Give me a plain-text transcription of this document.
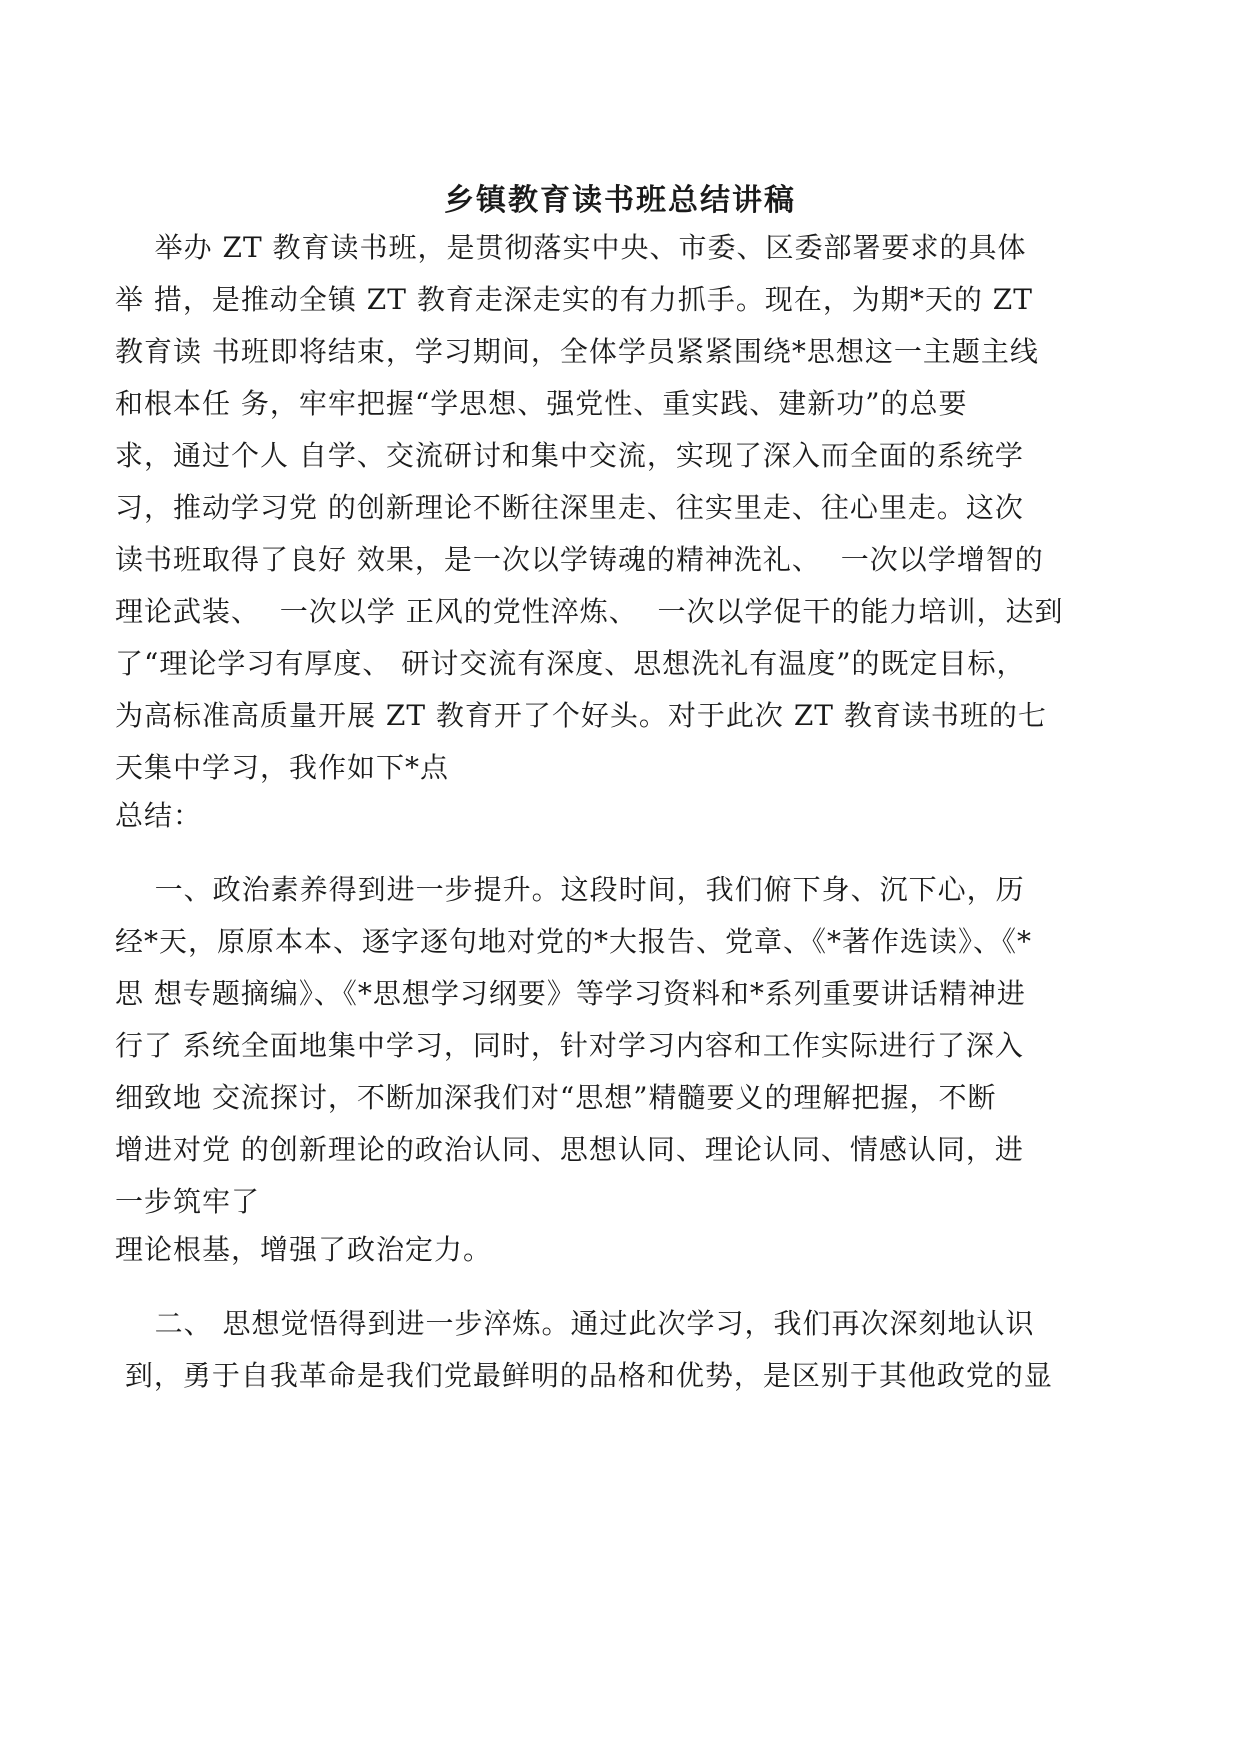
乡镇教育读书班总结讲稿
举办 ZT 教育读书班，是贯彻落实中央、市委、区委部署要求的具体
举 措，是推动全镇 ZT 教育走深走实的有力抓手。现在，为期*天的 ZT
教育读 书班即将结束，学习期间，全体学员紧紧围绕*思想这一主题主线
和根本任 务，牢牢把握“学思想、强党性、重实践、建新功”的总要
求，通过个人 自学、交流研讨和集中交流，实现了深入而全面的系统学
习，推动学习党 的创新理论不断往深里走、往实里走、往心里走。这次
读书班取得了良好 效果，是一次以学铸魂的精神洗礼、  一次以学增智的
理论武装、  一次以学 正风的党性淬炼、  一次以学促干的能力培训，达到
了“理论学习有厚度、 研讨交流有深度、思想洗礼有温度”的既定目标，
为高标准高质量开展 ZT 教育开了个好头。对于此次 ZT 教育读书班的七
天集中学习，我作如下*点
总结：
一、政治素养得到进一步提升。这段时间，我们俯下身、沉下心，历
经*天，原原本本、逐字逐句地对党的*大报告、党章、《*著作选读》、《*
思 想专题摘编》、《*思想学习纲要》等学习资料和*系列重要讲话精神进
行了 系统全面地集中学习，同时，针对学习内容和工作实际进行了深入
细致地 交流探讨，不断加深我们对“思想”精髓要义的理解把握，不断
增进对党 的创新理论的政治认同、思想认同、理论认同、情感认同，进
一步筑牢了
理论根基，增强了政治定力。
二、 思想觉悟得到进一步淬炼。通过此次学习，我们再次深刻地认识
到，勇于自我革命是我们党最鲜明的品格和优势，是区别于其他政党的显
